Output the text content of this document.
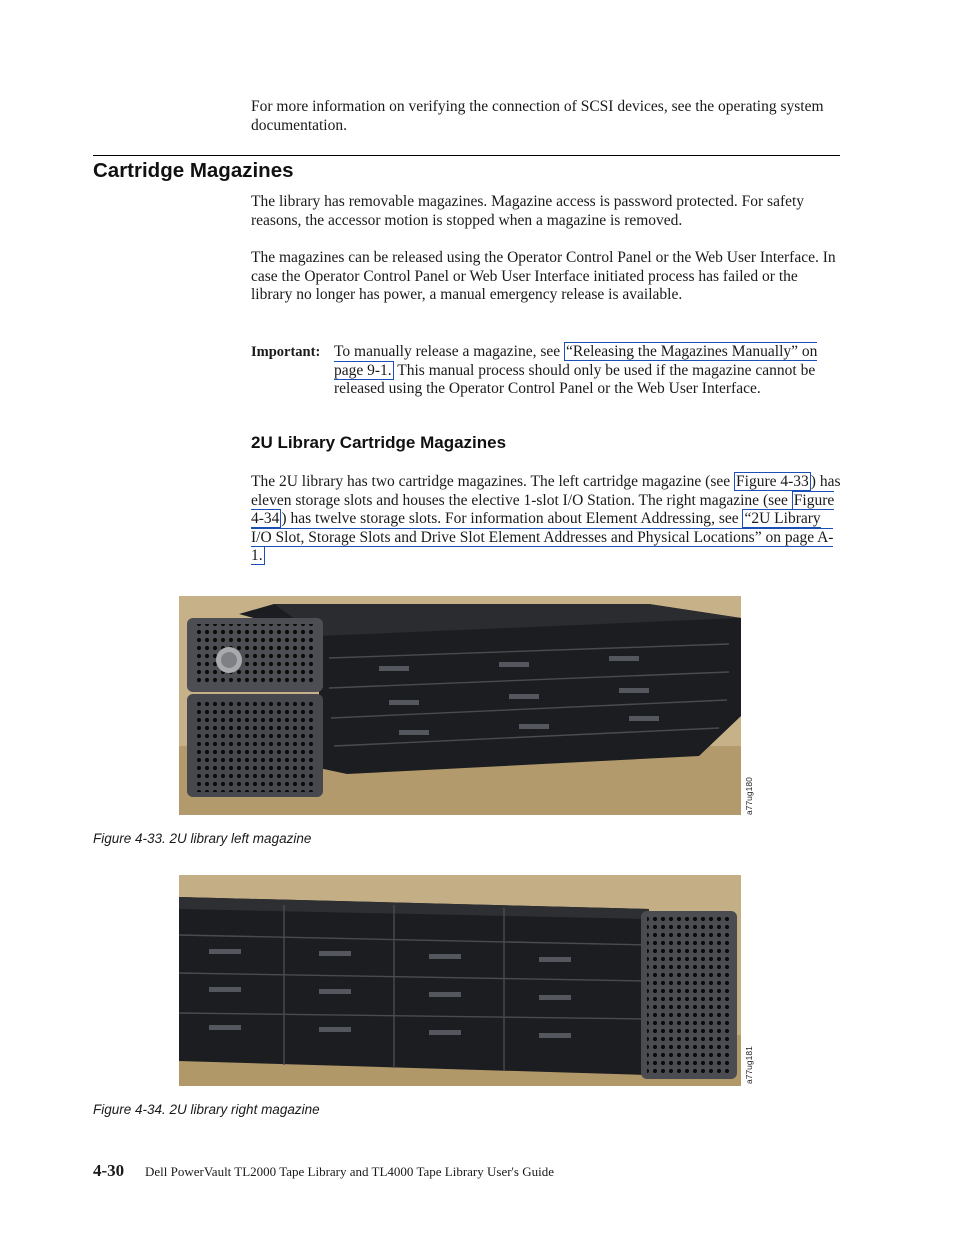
For more information on verifying the connection of SCSI devices, see the operating system documentation.

Cartridge Magazines

The library has removable magazines. Magazine access is password protected. For safety reasons, the accessor motion is stopped when a magazine is removed.

The magazines can be released using the Operator Control Panel or the Web User Interface. In case the Operator Control Panel or Web User Interface initiated process has failed or the library no longer has power, a manual emergency release is available.

Important: To manually release a magazine, see “Releasing the Magazines Manually” on page 9-1. This manual process should only be used if the magazine cannot be released using the Operator Control Panel or the Web User Interface.

2U Library Cartridge Magazines

The 2U library has two cartridge magazines. The left cartridge magazine (see Figure 4-33 ) has eleven storage slots and houses the elective 1-slot I/O Station. The right magazine (see Figure 4-34 ) has twelve storage slots. For information about Element Addressing, see “2U Library I/O Slot, Storage Slots and Drive Slot Element Addresses and Physical Locations” on page A-1.

a77ug180

Figure 4-33. 2U library left magazine

a77ug181

Figure 4-34. 2U library right magazine

4-30 Dell PowerVault TL2000 Tape Library and TL4000 Tape Library User's Guide
